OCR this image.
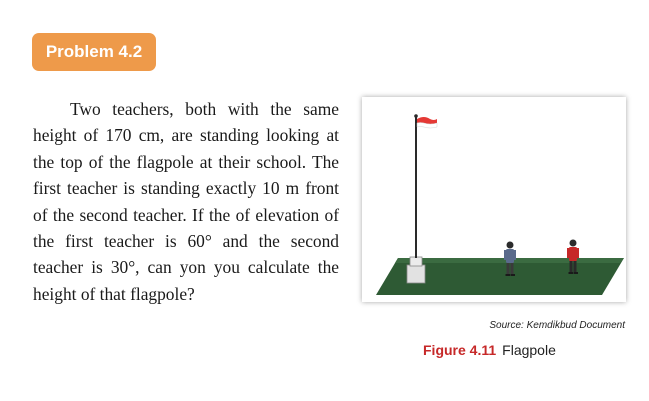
Problem 4.2

Two teachers, both with the same height of 170 cm, are standing looking at the top of the flagpole at their school. The first teacher is standing exactly 10 m front of the second teacher. If the of elevation of the first teacher is 60° and the second teacher is 30°, can yon you calculate the height of that flagpole?

Source: Kemdikbud Document
Figure 4.11 Flagpole
